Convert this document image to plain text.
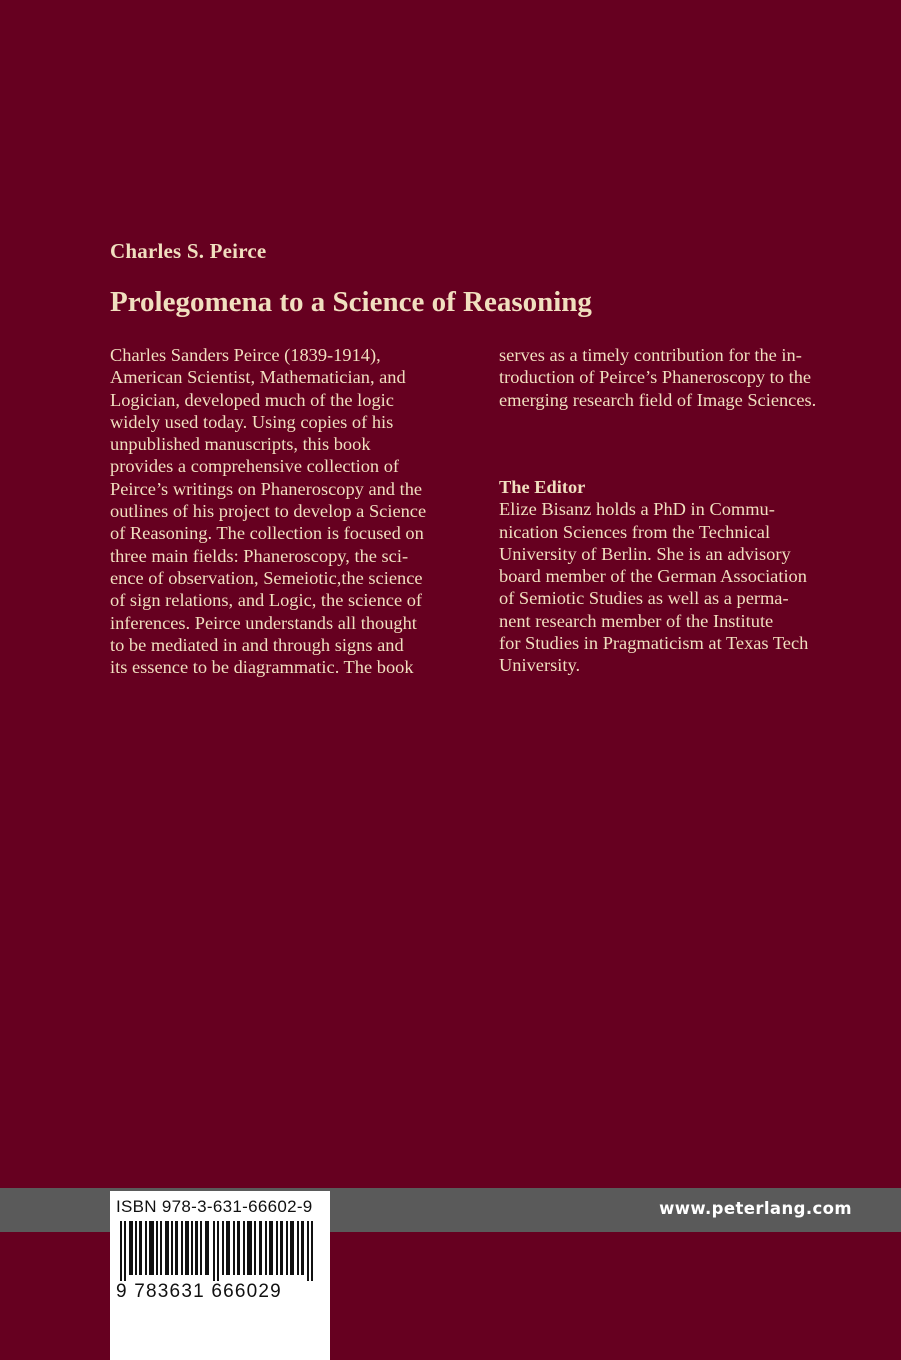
Charles S. Peirce
Prolegomena to a Science of Reasoning
Charles Sanders Peirce (1839-1914),
American Scientist, Mathematician, and
Logician, developed much of the logic
widely used today. Using copies of his
unpublished manuscripts, this book
provides a comprehensive collection of
Peirce’s writings on Phaneroscopy and the
outlines of his project to develop a Science
of Reasoning. The collection is focused on
three main fields: Phaneroscopy, the sci-
ence of observation, Semeiotic,the science
of sign relations, and Logic, the science of
inferences. Peirce understands all thought
to be mediated in and through signs and
its essence to be diagrammatic. The book
serves as a timely contribution for the in-
troduction of Peirce’s Phaneroscopy to the
emerging research field of Image Sciences.
The Editor
Elize Bisanz holds a PhD in Commu-
nication Sciences from the Technical
University of Berlin. She is an advisory
board member of the German Association
of Semiotic Studies as well as a perma-
nent research member of the Institute
for Studies in Pragmaticism at Texas Tech
University.
www.peterlang.com
ISBN 978-3-631-66602-9
9 783631 666029
